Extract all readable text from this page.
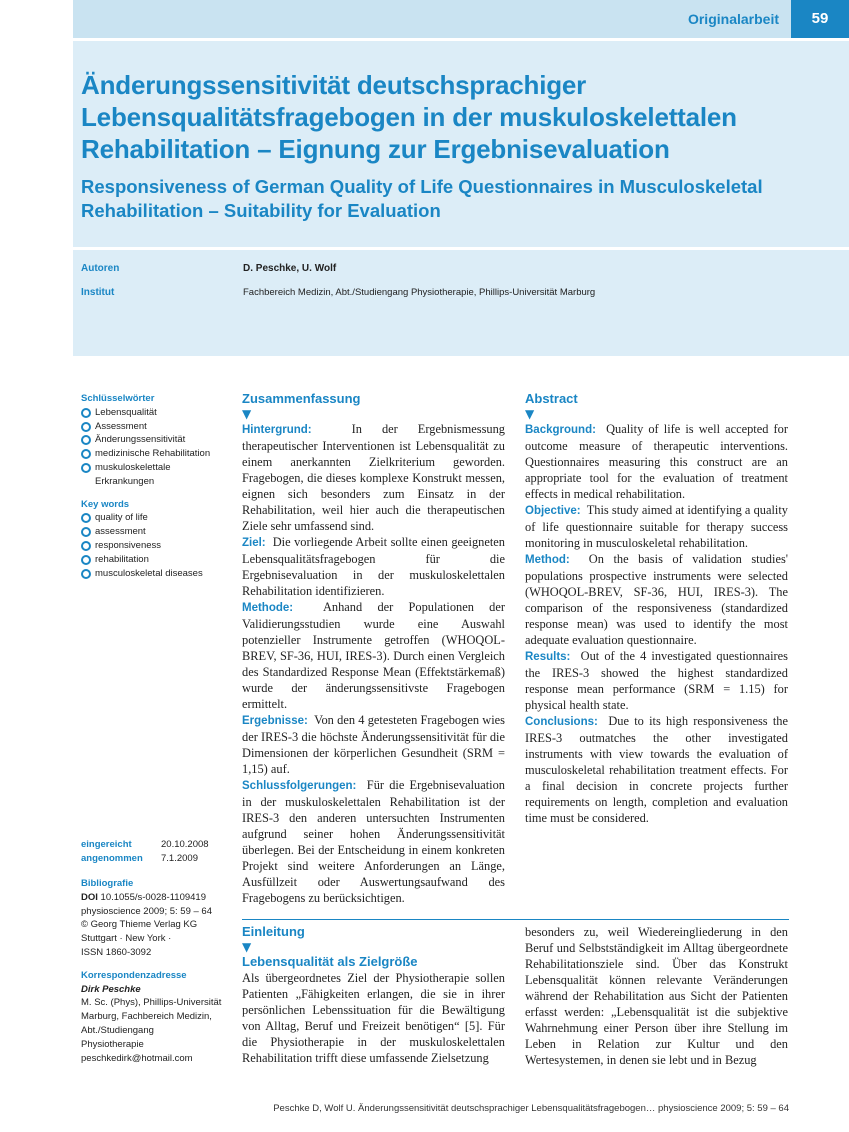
Originalarbeit	59
Änderungssensitivität deutschsprachiger Lebensqualitätsfragebogen in der muskuloskelettalen Rehabilitation – Eignung zur Ergebnisevaluation
Responsiveness of German Quality of Life Questionnaires in Musculoskeletal Rehabilitation – Suitability for Evaluation
Autoren	D. Peschke, U. Wolf
Institut	Fachbereich Medizin, Abt./Studiengang Physiotherapie, Phillips-Universität Marburg
Schlüsselwörter
Lebensqualität
Assessment
Änderungssensitivität
medizinische Rehabilitation
muskuloskelettale Erkrankungen
Key words
quality of life
assessment
responsiveness
rehabilitation
musculoskeletal diseases
Zusammenfassung
▼

Hintergrund:	In der Ergebnismessung therapeutischer Interventionen ist Lebensqualität zu einem anerkannten Zielkriterium geworden. Fragebogen, die dieses komplexe Konstrukt messen, eignen sich besonders zum Einsatz in der Rehabilitation, weil hier auch die therapeutischen Ziele sehr umfassend sind.

Ziel: Die vorliegende Arbeit sollte einen geeigneten Lebensqualitätsfragebogen für die Ergebnisevaluation in der muskuloskelettalen Rehabilitation identifizieren.

Methode: Anhand der Populationen der Validierungsstudien wurde eine Auswahl potenzieller Instrumente getroffen (WHOQOL-BREV, SF-36, HUI, IRES-3). Durch einen Vergleich des Standardized Response Mean (Effektstärkemaß) wurde der änderungssensitivste Fragebogen ermittelt.

Ergebnisse: Von den 4 getesteten Fragebogen wies der IRES-3 die höchste Änderungssensitivität für die Dimensionen der körperlichen Gesundheit (SRM = 1,15) auf.

Schlussfolgerungen: Für die Ergebnisevaluation in der muskuloskelettalen Rehabilitation ist der IRES-3 den anderen untersuchten Instrumenten aufgrund seiner hohen Änderungssensitivität überlegen. Bei der Entscheidung in einem konkreten Projekt sind weitere Anforderungen an Länge, Ausfüllzeit oder Auswertungsaufwand des Fragebogens zu berücksichtigen.

Abstract
▼

Background: Quality of life is well accepted for outcome measure of therapeutic interventions. Questionnaires measuring this construct are an appropriate tool for the evaluation of treatment effects in medical rehabilitation.

Objective: This study aimed at identifying a quality of life questionnaire suitable for therapy success monitoring in musculoskeletal rehabilitation.

Method: On the basis of validation studies' populations prospective instruments were selected (WHOQOL-BREV, SF-36, HUI, IRES-3). The comparison of the responsiveness (standardized response mean) was used to identify the most adequate evaluation questionnaire.

Results: Out of the 4 investigated questionnaires the IRES-3 showed the highest standardized response mean performance (SRM = 1.15) for physical health state.

Conclusions: Due to its high responsiveness the IRES-3 outmatches the other investigated instruments with view towards the evaluation of musculoskeletal rehabilitation treatment effects. For a final decision in concrete projects further requirements on length, completion and evaluation time must be considered.

eingereicht	20.10.2008
angenommen 7.1.2009
Bibliografie
DOI 10.1055/s-0028-1109419
physioscience 2009; 5: 59 – 64
© Georg Thieme Verlag KG
Stuttgart · New York ·
ISSN 1860-3092
Korrespondenzadresse
Dirk Peschke
M. Sc. (Phys), Phillips-Universität
Marburg, Fachbereich Medizin,
Abt./Studiengang
Physiotherapie
peschkedirk@hotmail.com
Einleitung
▼
Lebensqualität als Zielgröße

Als übergeordnetes Ziel der Physiotherapie sollen Patienten „Fähigkeiten erlangen, die sie in ihrer persönlichen Lebenssituation für die Bewältigung von Alltag, Beruf und Freizeit benötigen“ [5]. Für die Physiotherapie in der muskuloskelettalen Rehabilitation trifft diese umfassende Zielsetzung

besonders zu, weil Wiedereingliederung in den Beruf und Selbstständigkeit im Alltag übergeordnete Rehabilitationsziele sind. Über das Konstrukt Lebensqualität können relevante Veränderungen während der Rehabilitation aus Sicht der Patienten erfasst werden: „Lebensqualität ist die subjektive Wahrnehmung einer Person über ihre Stellung im Leben in Relation zur Kultur und den Wertesystemen, in denen sie lebt und in Bezug

Peschke D, Wolf U. Änderungssensitivität deutschsprachiger Lebensqualitätsfragebogen… physioscience 2009; 5: 59 – 64
